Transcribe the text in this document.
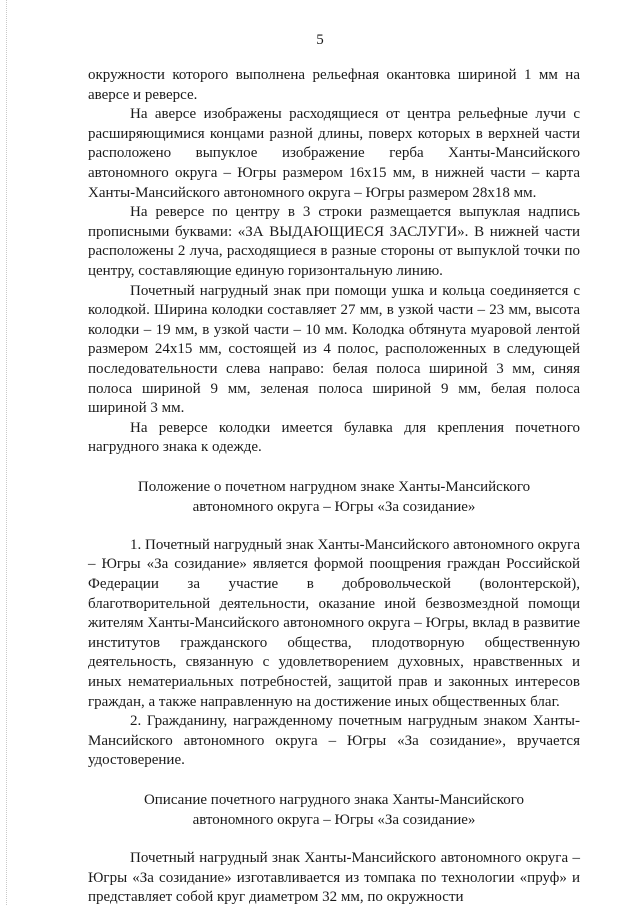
5

окружности которого выполнена рельефная окантовка шириной 1 мм на аверсе и реверсе.

На аверсе изображены расходящиеся от центра рельефные лучи с расширяющимися концами разной длины, поверх которых в верхней части расположено выпуклое изображение герба Ханты-Мансийского автономного округа – Югры размером 16x15 мм, в нижней части – карта Ханты-Мансийского автономного округа – Югры размером 28x18 мм.

На реверсе по центру в 3 строки размещается выпуклая надпись прописными буквами: «ЗА ВЫДАЮЩИЕСЯ ЗАСЛУГИ». В нижней части расположены 2 луча, расходящиеся в разные стороны от выпуклой точки по центру, составляющие единую горизонтальную линию.

Почетный нагрудный знак при помощи ушка и кольца соединяется с колодкой. Ширина колодки составляет 27 мм, в узкой части – 23 мм, высота колодки – 19 мм, в узкой части – 10 мм. Колодка обтянута муаровой лентой размером 24x15 мм, состоящей из 4 полос, расположенных в следующей последовательности слева направо: белая полоса шириной 3 мм, синяя полоса шириной 9 мм, зеленая полоса шириной 9 мм, белая полоса шириной 3 мм.

На реверсе колодки имеется булавка для крепления почетного нагрудного знака к одежде.

Положение о почетном нагрудном знаке Ханты-Мансийского
автономного округа – Югры «За созидание»

1. Почетный нагрудный знак Ханты-Мансийского автономного округа – Югры «За созидание» является формой поощрения граждан Российской Федерации за участие в добровольческой (волонтерской), благотворительной деятельности, оказание иной безвозмездной помощи жителям Ханты-Мансийского автономного округа – Югры, вклад в развитие институтов гражданского общества, плодотворную общественную деятельность, связанную с удовлетворением духовных, нравственных и иных нематериальных потребностей, защитой прав и законных интересов граждан, а также направленную на достижение иных общественных благ.

2. Гражданину, награжденному почетным нагрудным знаком Ханты-Мансийского автономного округа – Югры «За созидание», вручается удостоверение.

Описание почетного нагрудного знака Ханты-Мансийского
автономного округа – Югры «За созидание»

Почетный нагрудный знак Ханты-Мансийского автономного округа – Югры «За созидание» изготавливается из томпака по технологии «пруф» и представляет собой круг диаметром 32 мм, по окружности
